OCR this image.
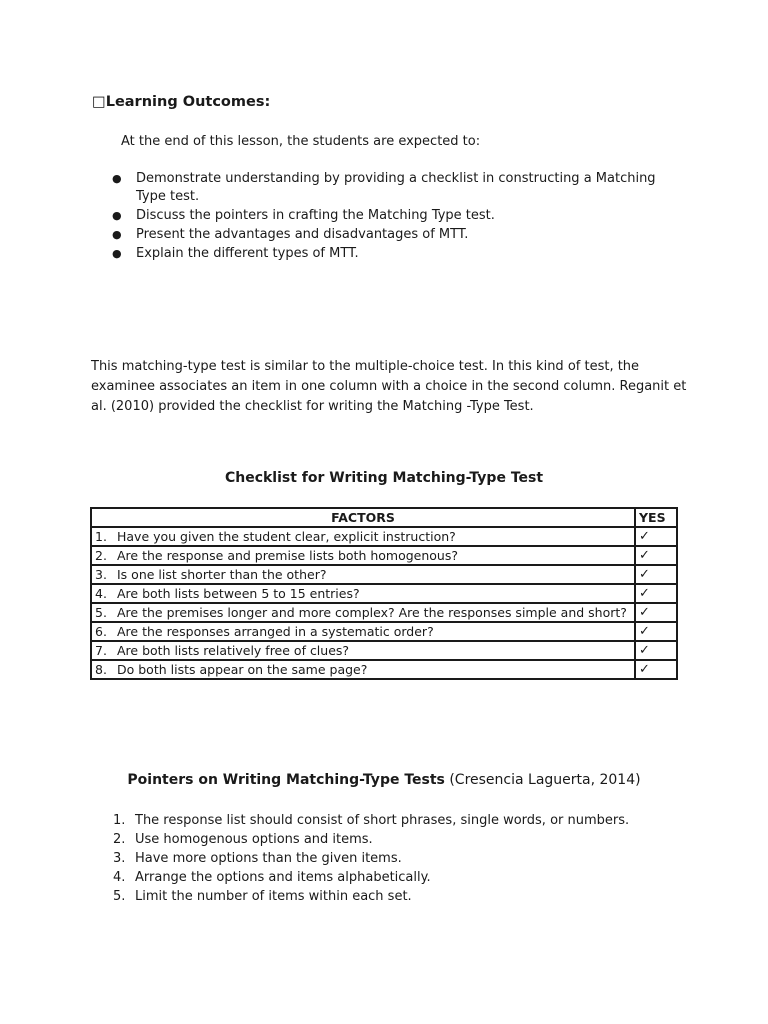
□Learning Outcomes:
At the end of this lesson, the students are expected to:
● Demonstrate understanding by providing a checklist in constructing a Matching Type test.
● Discuss the pointers in crafting the Matching Type test.
● Present the advantages and disadvantages of MTT.
● Explain the different types of MTT.
This matching-type test is similar to the multiple-choice test. In this kind of test, the examinee associates an item in one column with a choice in the second column. Reganit et al. (2010) provided the checklist for writing the Matching -Type Test.
Checklist for Writing Matching-Type Test
FACTORS	YES
1. Have you given the student clear, explicit instruction?	✓
2. Are the response and premise lists both homogenous?	✓
3. Is one list shorter than the other?	✓
4. Are both lists between 5 to 15 entries?	✓
5. Are the premises longer and more complex? Are the responses simple and short?	✓
6. Are the responses arranged in a systematic order?	✓
7. Are both lists relatively free of clues?	✓
8. Do both lists appear on the same page?	✓
Pointers on Writing Matching-Type Tests (Cresencia Laguerta, 2014)
1. The response list should consist of short phrases, single words, or numbers.
2. Use homogenous options and items.
3. Have more options than the given items.
4. Arrange the options and items alphabetically.
5. Limit the number of items within each set.
